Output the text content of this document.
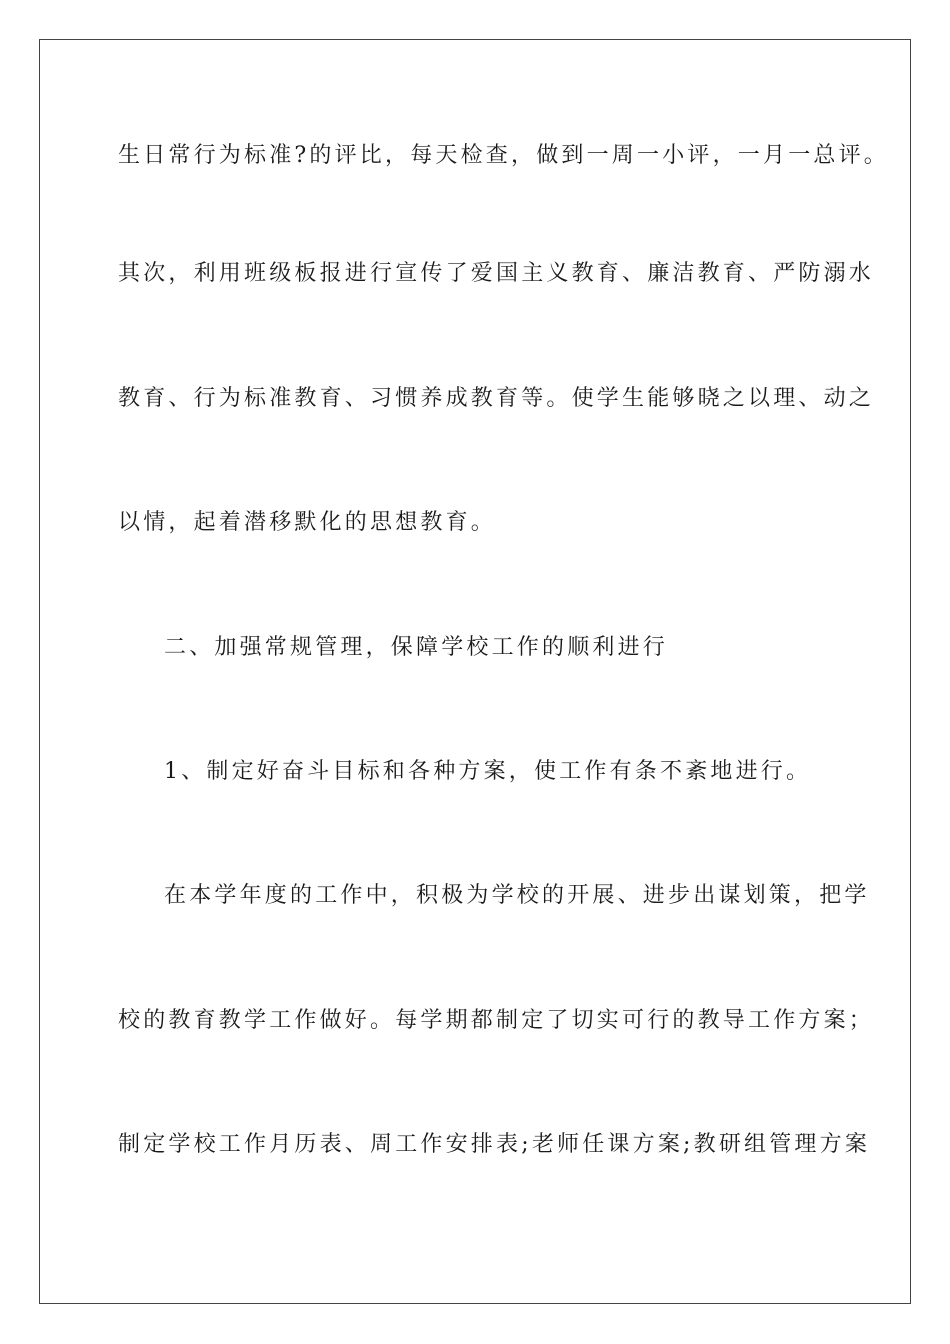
生日常行为标准?的评比，每天检查，做到一周一小评，一月一总评。
其次，利用班级板报进行宣传了爱国主义教育、廉洁教育、严防溺水
教育、行为标准教育、习惯养成教育等。使学生能够晓之以理、动之
以情，起着潜移默化的思想教育。
二、加强常规管理，保障学校工作的顺利进行
1、制定好奋斗目标和各种方案，使工作有条不紊地进行。
在本学年度的工作中，积极为学校的开展、进步出谋划策，把学
校的教育教学工作做好。每学期都制定了切实可行的教导工作方案；
制定学校工作月历表、周工作安排表;老师任课方案;教研组管理方案
